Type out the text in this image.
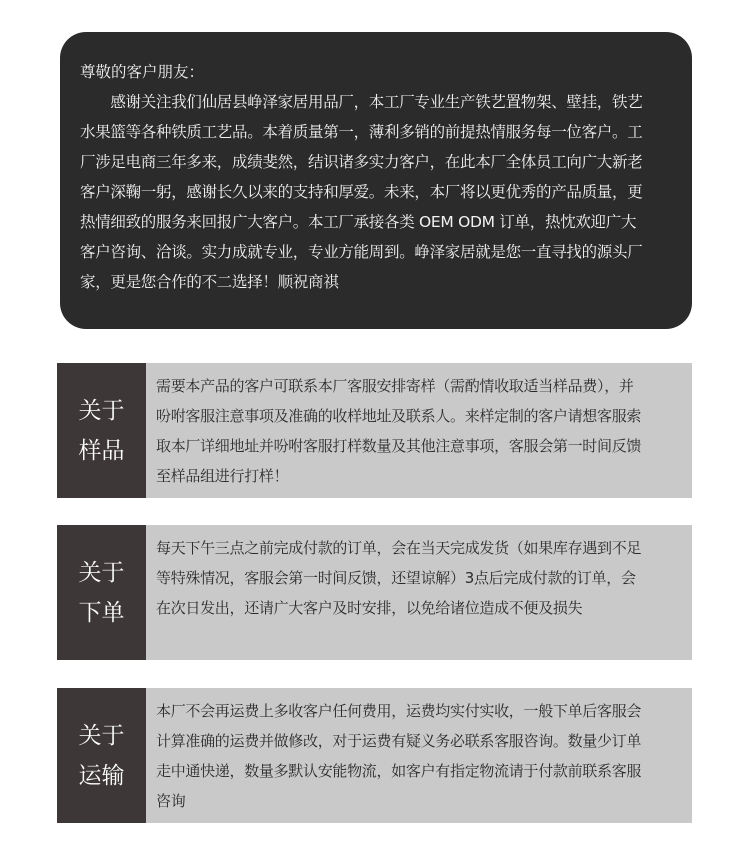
尊敬的客户朋友：
　　感谢关注我们仙居县峥泽家居用品厂，本工厂专业生产铁艺置物架、壁挂，铁艺
水果篮等各种铁质工艺品。本着质量第一，薄利多销的前提热情服务每一位客户。工
厂涉足电商三年多来，成绩斐然，结识诸多实力客户，在此本厂全体员工向广大新老
客户深鞠一躬，感谢长久以来的支持和厚爱。未来，本厂将以更优秀的产品质量，更
热情细致的服务来回报广大客户。本工厂承接各类 OEM ODM 订单，热忱欢迎广大
客户咨询、洽谈。实力成就专业，专业方能周到。峥泽家居就是您一直寻找的源头厂
家，更是您合作的不二选择！顺祝商祺
关于
样品
需要本产品的客户可联系本厂客服安排寄样（需酌情收取适当样品费），并
吩咐客服注意事项及准确的收样地址及联系人。来样定制的客户请想客服索
取本厂详细地址并吩咐客服打样数量及其他注意事项，客服会第一时间反馈
至样品组进行打样！
关于
下单
每天下午三点之前完成付款的订单，会在当天完成发货（如果库存遇到不足
等特殊情况，客服会第一时间反馈，还望谅解）3点后完成付款的订单，会
在次日发出，还请广大客户及时安排，以免给诸位造成不便及损失
关于
运输
本厂不会再运费上多收客户任何费用，运费均实付实收，一般下单后客服会
计算准确的运费并做修改，对于运费有疑义务必联系客服咨询。数量少订单
走中通快递，数量多默认安能物流，如客户有指定物流请于付款前联系客服
咨询
